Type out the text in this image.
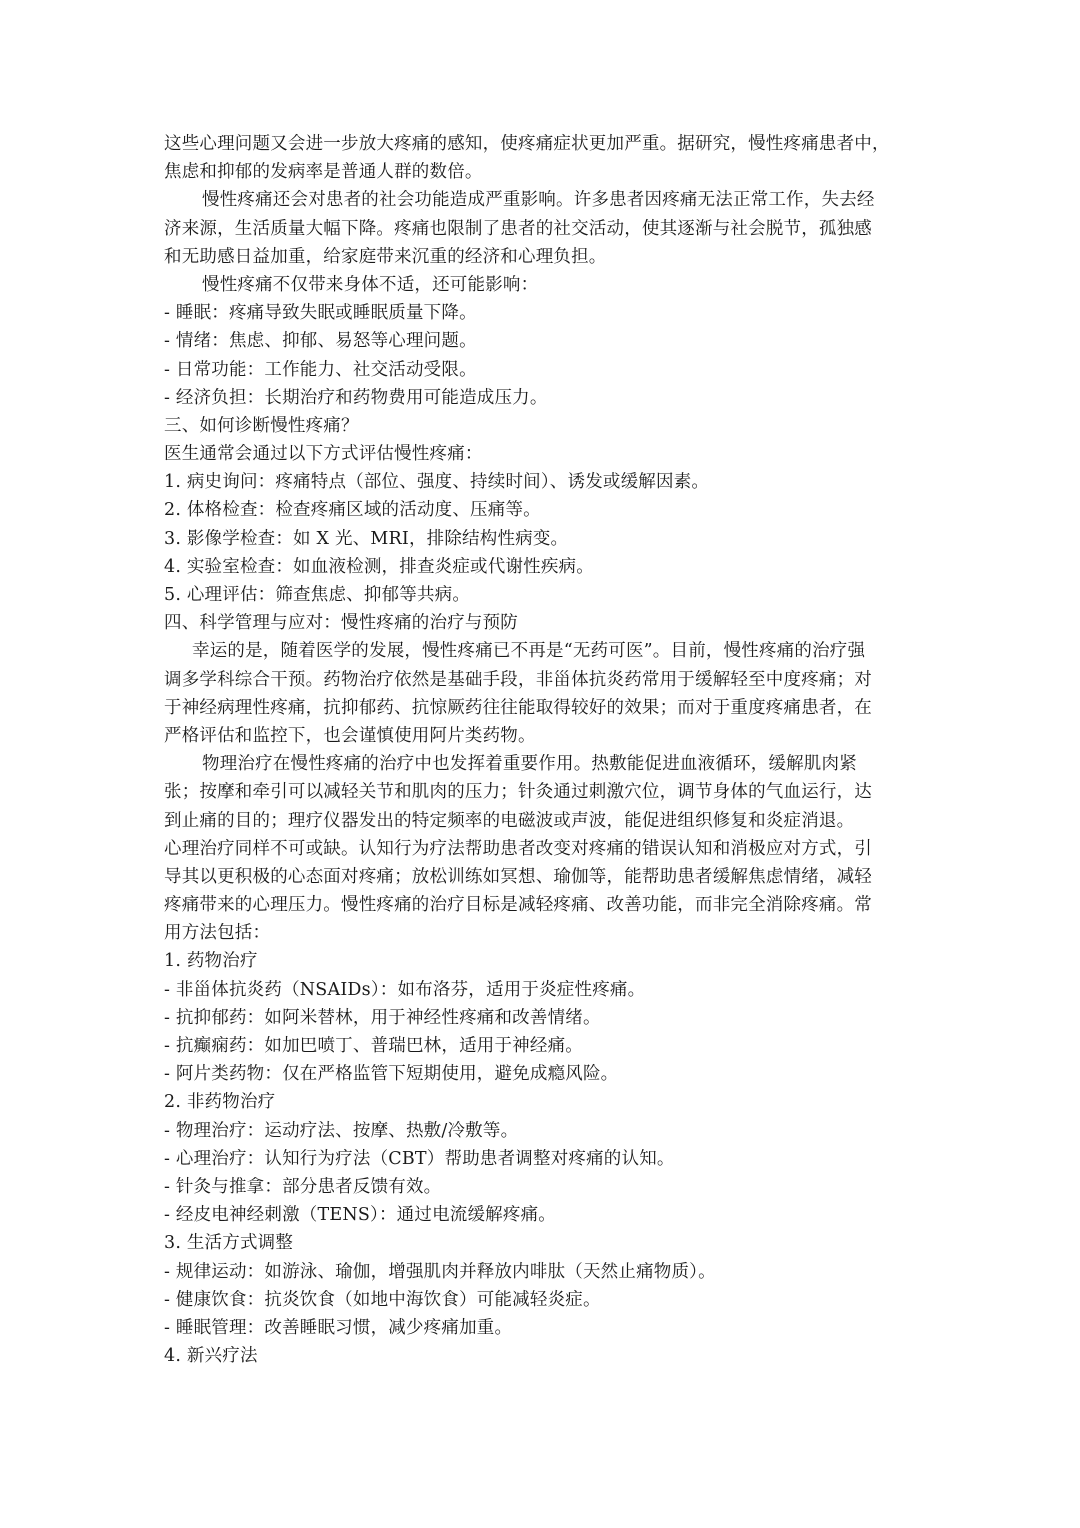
这些心理问题又会进一步放大疼痛的感知，使疼痛症状更加严重。据研究，慢性疼痛患者中，
焦虑和抑郁的发病率是普通人群的数倍。
慢性疼痛还会对患者的社会功能造成严重影响。许多患者因疼痛无法正常工作，失去经
济来源，生活质量大幅下降。疼痛也限制了患者的社交活动，使其逐渐与社会脱节，孤独感
和无助感日益加重，给家庭带来沉重的经济和心理负担。
慢性疼痛不仅带来身体不适，还可能影响：
- 睡眠：疼痛导致失眠或睡眠质量下降。
- 情绪：焦虑、抑郁、易怒等心理问题。
- 日常功能：工作能力、社交活动受限。
- 经济负担：长期治疗和药物费用可能造成压力。
三、如何诊断慢性疼痛？
医生通常会通过以下方式评估慢性疼痛：
1. 病史询问：疼痛特点（部位、强度、持续时间）、诱发或缓解因素。
2. 体格检查：检查疼痛区域的活动度、压痛等。
3. 影像学检查：如 X 光、MRI，排除结构性病变。
4. 实验室检查：如血液检测，排查炎症或代谢性疾病。
5. 心理评估：筛查焦虑、抑郁等共病。
四、科学管理与应对：慢性疼痛的治疗与预防
幸运的是，随着医学的发展，慢性疼痛已不再是“无药可医”。目前，慢性疼痛的治疗强
调多学科综合干预。药物治疗依然是基础手段，非甾体抗炎药常用于缓解轻至中度疼痛；对
于神经病理性疼痛，抗抑郁药、抗惊厥药往往能取得较好的效果；而对于重度疼痛患者，在
严格评估和监控下，也会谨慎使用阿片类药物。
物理治疗在慢性疼痛的治疗中也发挥着重要作用。热敷能促进血液循环，缓解肌肉紧
张；按摩和牵引可以减轻关节和肌肉的压力；针灸通过刺激穴位，调节身体的气血运行，达
到止痛的目的；理疗仪器发出的特定频率的电磁波或声波，能促进组织修复和炎症消退。
心理治疗同样不可或缺。认知行为疗法帮助患者改变对疼痛的错误认知和消极应对方式，引
导其以更积极的心态面对疼痛；放松训练如冥想、瑜伽等，能帮助患者缓解焦虑情绪，减轻
疼痛带来的心理压力。慢性疼痛的治疗目标是减轻疼痛、改善功能，而非完全消除疼痛。常
用方法包括：
1. 药物治疗
- 非甾体抗炎药（NSAIDs）：如布洛芬，适用于炎症性疼痛。
- 抗抑郁药：如阿米替林，用于神经性疼痛和改善情绪。
- 抗癫痫药：如加巴喷丁、普瑞巴林，适用于神经痛。
- 阿片类药物：仅在严格监管下短期使用，避免成瘾风险。
2. 非药物治疗
- 物理治疗：运动疗法、按摩、热敷/冷敷等。
- 心理治疗：认知行为疗法（CBT）帮助患者调整对疼痛的认知。
- 针灸与推拿：部分患者反馈有效。
- 经皮电神经刺激（TENS）：通过电流缓解疼痛。
3. 生活方式调整
- 规律运动：如游泳、瑜伽，增强肌肉并释放内啡肽（天然止痛物质）。
- 健康饮食：抗炎饮食（如地中海饮食）可能减轻炎症。
- 睡眠管理：改善睡眠习惯，减少疼痛加重。
4. 新兴疗法
